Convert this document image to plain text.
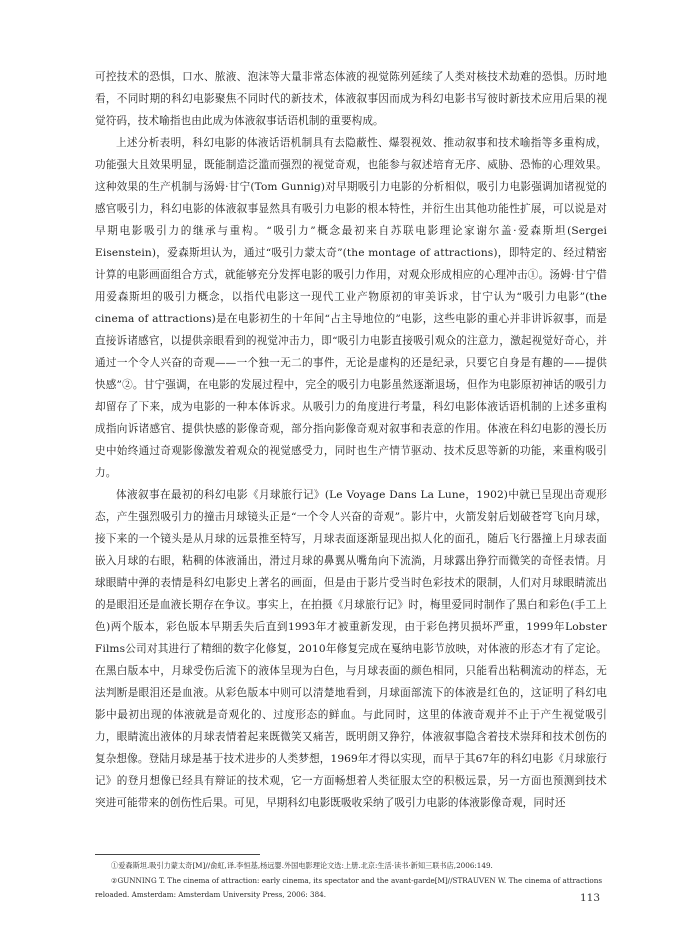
可控技术的恐惧，口水、脓液、泡沫等大量非常态体液的视觉陈列延续了人类对核技术劫难的恐惧。历时地看，不同时期的科幻电影聚焦不同时代的新技术，体液叙事因而成为科幻电影书写彼时新技术应用后果的视觉符码，技术喻指也由此成为体液叙事话语机制的重要构成。

上述分析表明，科幻电影的体液话语机制具有去隐蔽性、爆裂视效、推动叙事和技术喻指等多重构成，功能强大且效果明显，既能制造泛滥而强烈的视觉奇观，也能参与叙述培育无序、威胁、恐怖的心理效果。这种效果的生产机制与汤姆·甘宁(Tom Gunnig)对早期吸引力电影的分析相似，吸引力电影强调加诸视觉的感官吸引力，科幻电影的体液叙事显然具有吸引力电影的根本特性，并衍生出其他功能性扩展，可以说是对早期电影吸引力的继承与重构。“吸引力”概念最初来自苏联电影理论家谢尔盖·爱森斯坦(Sergei Eisenstein)，爱森斯坦认为，通过“吸引力蒙太奇”(the montage of attractions)，即特定的、经过精密计算的电影画面组合方式，就能够充分发挥电影的吸引力作用，对观众形成相应的心理冲击①。汤姆·甘宁借用爱森斯坦的吸引力概念，以指代电影这一现代工业产物原初的审美诉求，甘宁认为“吸引力电影”(the cinema of attractions)是在电影初生的十年间“占主导地位的”电影，这些电影的重心并非讲诉叙事，而是直接诉诸感官，以提供亲眼看到的视觉冲击力，即“吸引力电影直接吸引观众的注意力，激起视觉好奇心，并通过一个令人兴奋的奇观——一个独一无二的事件，无论是虚构的还是纪录，只要它自身是有趣的——提供快感”②。甘宁强调，在电影的发展过程中，完全的吸引力电影虽然逐渐退场，但作为电影原初神话的吸引力却留存了下来，成为电影的一种本体诉求。从吸引力的角度进行考量，科幻电影体液话语机制的上述多重构成指向诉诸感官、提供快感的影像奇观，部分指向影像奇观对叙事和表意的作用。体液在科幻电影的漫长历史中始终通过奇观影像激发着观众的视觉感受力，同时也生产情节驱动、技术反思等新的功能，来重构吸引力。

体液叙事在最初的科幻电影《月球旅行记》(Le Voyage Dans La Lune，1902)中就已呈现出奇观形态，产生强烈吸引力的撞击月球镜头正是“一个令人兴奋的奇观”。影片中，火箭发射后划破苍穹飞向月球，接下来的一个镜头是从月球的远景推至特写，月球表面逐渐显现出拟人化的面孔，随后飞行器撞上月球表面嵌入月球的右眼，粘稠的体液涌出，滑过月球的鼻翼从嘴角向下流淌，月球露出狰狞而微笑的奇怪表情。月球眼睛中弹的表情是科幻电影史上著名的画面，但是由于影片受当时色彩技术的限制，人们对月球眼睛流出的是眼泪还是血液长期存在争议。事实上，在拍摄《月球旅行记》时，梅里爱同时制作了黑白和彩色(手工上色)两个版本，彩色版本早期丢失后直到1993年才被重新发现，由于彩色拷贝损坏严重，1999年Lobster Films公司对其进行了精细的数字化修复，2010年修复完成在戛纳电影节放映，对体液的形态才有了定论。在黑白版本中，月球受伤后流下的液体呈现为白色，与月球表面的颜色相同，只能看出粘稠流动的样态，无法判断是眼泪还是血液。从彩色版本中则可以清楚地看到，月球面部流下的体液是红色的，这证明了科幻电影中最初出现的体液就是奇观化的、过度形态的鲜血。与此同时，这里的体液奇观并不止于产生视觉吸引力，眼睛流出液体的月球表情着起来既微笑又痛苦，既明朗又狰狞，体液叙事隐含着技术崇拜和技术创伤的复杂想像。登陆月球是基于技术进步的人类梦想，1969年才得以实现，而早于其67年的科幻电影《月球旅行记》的登月想像已经具有辩证的技术观，它一方面畅想着人类征服太空的积极远景，另一方面也预测到技术突进可能带来的创伤性后果。可见，早期科幻电影既吸收采纳了吸引力电影的体液影像奇观，同时还

①爱森斯坦.吸引力蒙太奇[M]//俞虹,译.李恒基,杨远婴.外国电影理论文选:上册.北京:生活·读书·新知三联书店,2006:149.

②GUNNING T. The cinema of attraction: early cinema, its spectator and the avant-garde[M]//STRAUVEN W. The cinema of attractions reloaded. Amsterdam: Amsterdam University Press, 2006: 384.	113
